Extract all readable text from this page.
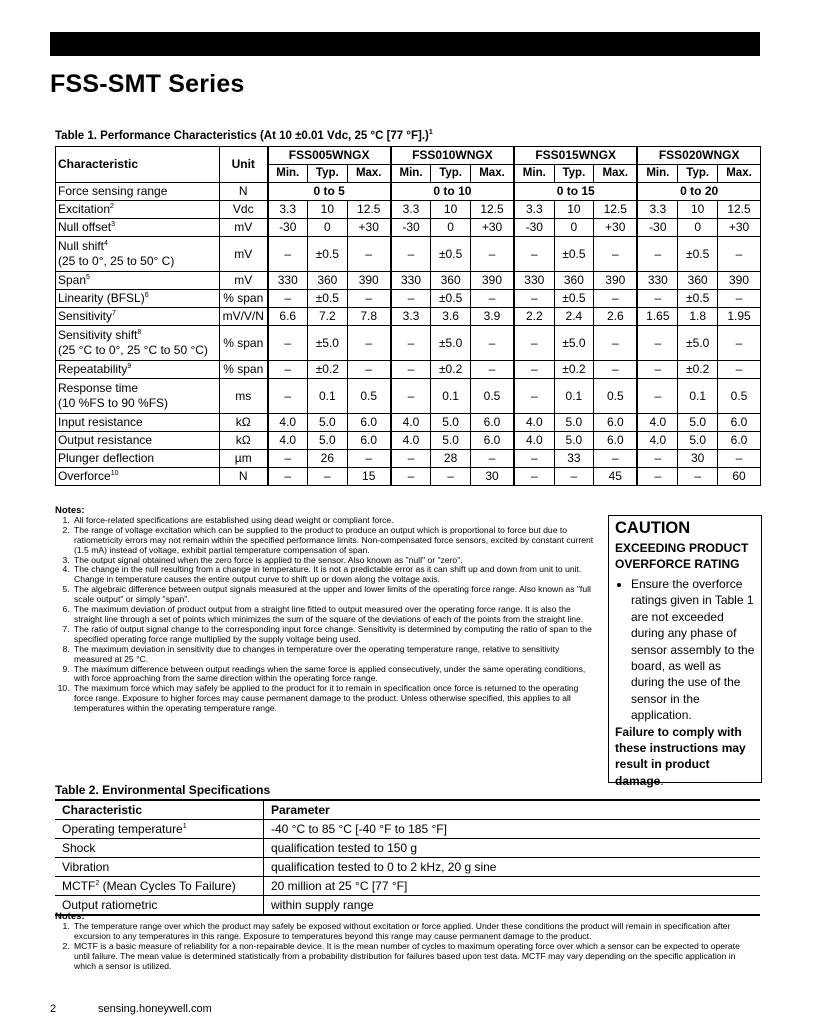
FSS-SMT Series
Table 1. Performance Characteristics (At 10 ±0.01 Vdc, 25 °C [77 °F].)$^1$
Characteristic	Unit	FSS005WNGX			FSS010WNGX			FSS015WNGX			FSS020WNGX		
		Min.	Typ.	Max.	Min.	Typ.	Max.	Min.	Typ.	Max.	Min.	Typ.	Max.
Force sensing range	N	0 to 5			0 to 10			0 to 15			0 to 20		
Excitation$^2$	Vdc	3.3	10	12.5	3.3	10	12.5	3.3	10	12.5	3.3	10	12.5
Null offset$^3$	mV	-30	0	+30	-30	0	+30	-30	0	+30	-30	0	+30
Null shift$^4$
(25 to 0°, 25 to 50° C)	mV	–	±0.5	–	–	±0.5	–	–	±0.5	–	–	±0.5	–
Span$^5$	mV	330	360	390	330	360	390	330	360	390	330	360	390
Linearity (BFSL)$^6$	% span	–	±0.5	–	–	±0.5	–	–	±0.5	–	–	±0.5	–
Sensitivity$^7$	mV/V/N	6.6	7.2	7.8	3.3	3.6	3.9	2.2	2.4	2.6	1.65	1.8	1.95
Sensitivity shift$^8$
(25 °C to 0°, 25 °C to 50 °C)	% span	–	±5.0	–	–	±5.0	–	–	±5.0	–	–	±5.0	–
Repeatability$^9$	% span	–	±0.2	–	–	±0.2	–	–	±0.2	–	–	±0.2	–
Response time
(10 %FS to 90 %FS)	ms	–	0.1	0.5	–	0.1	0.5	–	0.1	0.5	–	0.1	0.5
Input resistance	kΩ	4.0	5.0	6.0	4.0	5.0	6.0	4.0	5.0	6.0	4.0	5.0	6.0
Output resistance	kΩ	4.0	5.0	6.0	4.0	5.0	6.0	4.0	5.0	6.0	4.0	5.0	6.0
Plunger deflection	µm	–	26	–	–	28	–	–	33	–	–	30	–
Overforce$^{10}$	N	–	–	15	–	–	30	–	–	45	–	–	60
Notes:
1. All force-related specifications are established using dead weight or compliant force.
2. The range of voltage excitation which can be supplied to the product to produce an output which is proportional to force but due to ratiometricity errors may not remain within the specified performance limits. Non-compensated force sensors, excited by constant current (1.5 mA) instead of voltage, exhibit partial temperature compensation of span.
3. The output signal obtained when the zero force is applied to the sensor. Also known as "null" or "zero".
4. The change in the null resulting from a change in temperature. It is not a predictable error as it can shift up and down from unit to unit. Change in temperature causes the entire output curve to shift up or down along the voltage axis.
5. The algebraic difference between output signals measured at the upper and lower limits of the operating force range. Also known as "full scale output" or simply "span".
6. The maximum deviation of product output from a straight line fitted to output measured over the operating force range. It is also the straight line through a set of points which minimizes the sum of the square of the deviations of each of the points from the straight line.
7. The ratio of output signal change to the corresponding input force change. Sensitivity is determined by computing the ratio of span to the specified operating force range multiplied by the supply voltage being used.
8. The maximum deviation in sensitivity due to changes in temperature over the operating temperature range, relative to sensitivity measured at 25 °C.
9. The maximum difference between output readings when the same force is applied consecutively, under the same operating conditions, with force approaching from the same direction within the operating force range.
10. The maximum force which may safely be applied to the product for it to remain in specification once force is returned to the operating force range. Exposure to higher forces may cause permanent damage to the product. Unless otherwise specified, this applies to all temperatures within the operating temperature range.
CAUTION
EXCEEDING PRODUCT OVERFORCE RATING
• Ensure the overforce ratings given in Table 1 are not exceeded during any phase of sensor assembly to the board, as well as during the use of the sensor in the application.
Failure to comply with these instructions may result in product damage.
Table 2. Environmental Specifications
Characteristic	Parameter
Operating temperature$^1$	-40 °C to 85 °C [-40 °F to 185 °F]
Shock	qualification tested to 150 g
Vibration	qualification tested to 0 to 2 kHz, 20 g sine
MCTF$^2$ (Mean Cycles To Failure)	20 million at 25 °C [77 °F]
Output ratiometric	within supply range
Notes:
1. The temperature range over which the product may safely be exposed without excitation or force applied. Under these conditions the product will remain in specification after excursion to any temperatures in this range. Exposure to temperatures beyond this range may cause permanent damage to the product.
2. MCTF is a basic measure of reliability for a non-repairable device. It is the mean number of cycles to maximum operating force over which a sensor can be expected to operate until failure. The mean value is determined statistically from a probability distribution for failures based upon test data. MCTF may vary depending on the specific application in which a sensor is utilized.
2	sensing.honeywell.com
